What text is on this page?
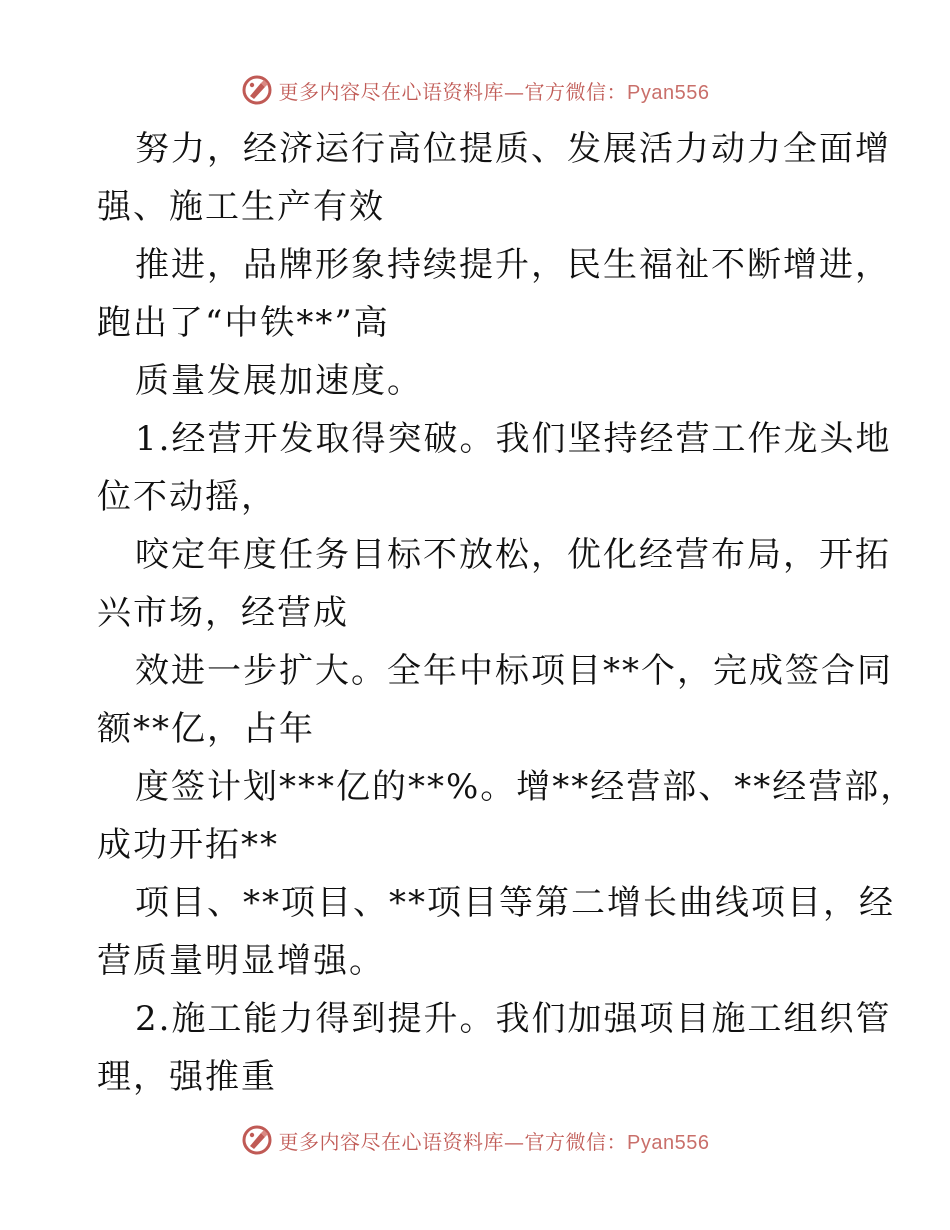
更多内容尽在心语资料库—官方微信：Pyan556
努力，经济运行高位提质、发展活力动力全面增
强、施工生产有效
推进，品牌形象持续提升，民生福祉不断增进，
跑出了“中铁**”高
质量发展加速度。
1.经营开发取得突破。我们坚持经营工作龙头地
位不动摇，
咬定年度任务目标不放松，优化经营布局，开拓
兴市场，经营成
效进一步扩大。全年中标项目**个，完成签合同
额**亿，占年
度签计划***亿的**%。增**经营部、**经营部，
成功开拓**
项目、**项目、**项目等第二增长曲线项目，经
营质量明显增强。
2.施工能力得到提升。我们加强项目施工组织管
理，强推重
更多内容尽在心语资料库—官方微信：Pyan556
